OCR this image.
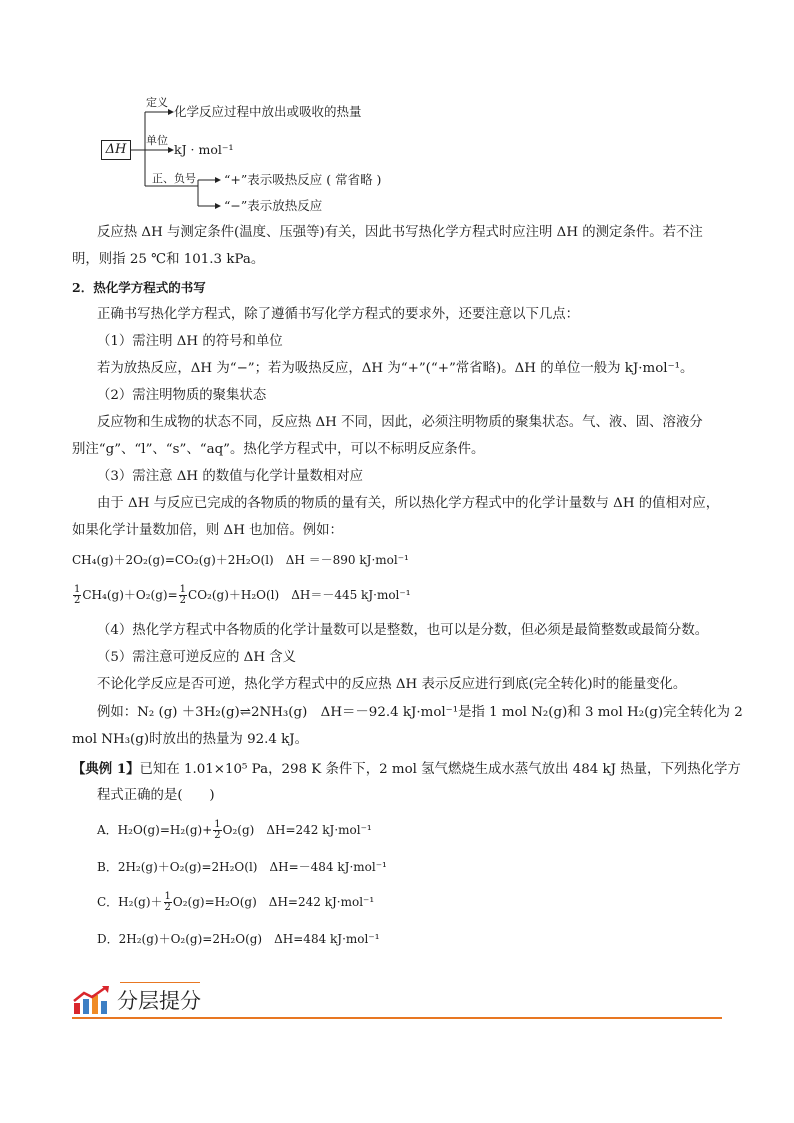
ΔH
定义
化学反应过程中放出或吸收的热量
单位
kJ · mol⁻¹
正、负号 “+”表示吸热反应 ( 常省略 )
“−”表示放热反应
反应热 ΔH 与测定条件(温度、压强等)有关，因此书写热化学方程式时应注明 ΔH 的测定条件。若不注
明，则指 25 ℃和 101.3 kPa。
2．热化学方程式的书写
正确书写热化学方程式，除了遵循书写化学方程式的要求外，还要注意以下几点：
（1）需注明 ΔH 的符号和单位
若为放热反应，ΔH 为“−”；若为吸热反应，ΔH 为“+”(“+”常省略)。ΔH 的单位一般为 kJ·mol⁻¹。
（2）需注明物质的聚集状态
反应物和生成物的状态不同，反应热 ΔH 不同，因此，必须注明物质的聚集状态。气、液、固、溶液分
别注“g”、“l”、“s”、“aq”。热化学方程式中，可以不标明反应条件。
（3）需注意 ΔH 的数值与化学计量数相对应
由于 ΔH 与反应已完成的各物质的物质的量有关，所以热化学方程式中的化学计量数与 ΔH 的值相对应，
如果化学计量数加倍，则 ΔH 也加倍。例如：
CH₄(g)＋2O₂(g)=CO₂(g)＋2H₂O(l)　ΔH ＝－890 kJ·mol⁻¹
$\frac{1}{2} CH_4(g)+O_2(g)= \frac{1}{2} CO_2(g)+H_2O(l)$　ΔH＝－445 kJ·mol⁻¹
（4）热化学方程式中各物质的化学计量数可以是整数，也可以是分数，但必须是最简整数或最简分数。
（5）需注意可逆反应的 ΔH 含义
不论化学反应是否可逆，热化学方程式中的反应热 ΔH 表示反应进行到底(完全转化)时的能量变化。
例如：N₂ (g) ＋3H₂(g)⇌2NH₃(g)　ΔH＝－92.4 kJ·mol⁻¹是指 1 mol N₂(g)和 3 mol H₂(g)完全转化为 2
mol NH₃(g)时放出的热量为 92.4 kJ。
【典例 1】已知在 1.01×10⁵ Pa，298 K 条件下，2 mol 氢气燃烧生成水蒸气放出 484 kJ 热量，下列热化学方
程式正确的是(　　)
A．$H_2O(g)=H_2(g)+ \frac{1}{2} O_2(g)$　ΔH=242 kJ·mol⁻¹
B．2H₂(g)＋O₂(g)=2H₂O(l)　ΔH=－484 kJ·mol⁻¹
C．$H_2(g)+ \frac{1}{2} O_2(g)=H_2O(g)$　ΔH=242 kJ·mol⁻¹
D．2H₂(g)＋O₂(g)=2H₂O(g)　ΔH=484 kJ·mol⁻¹
分层提分
